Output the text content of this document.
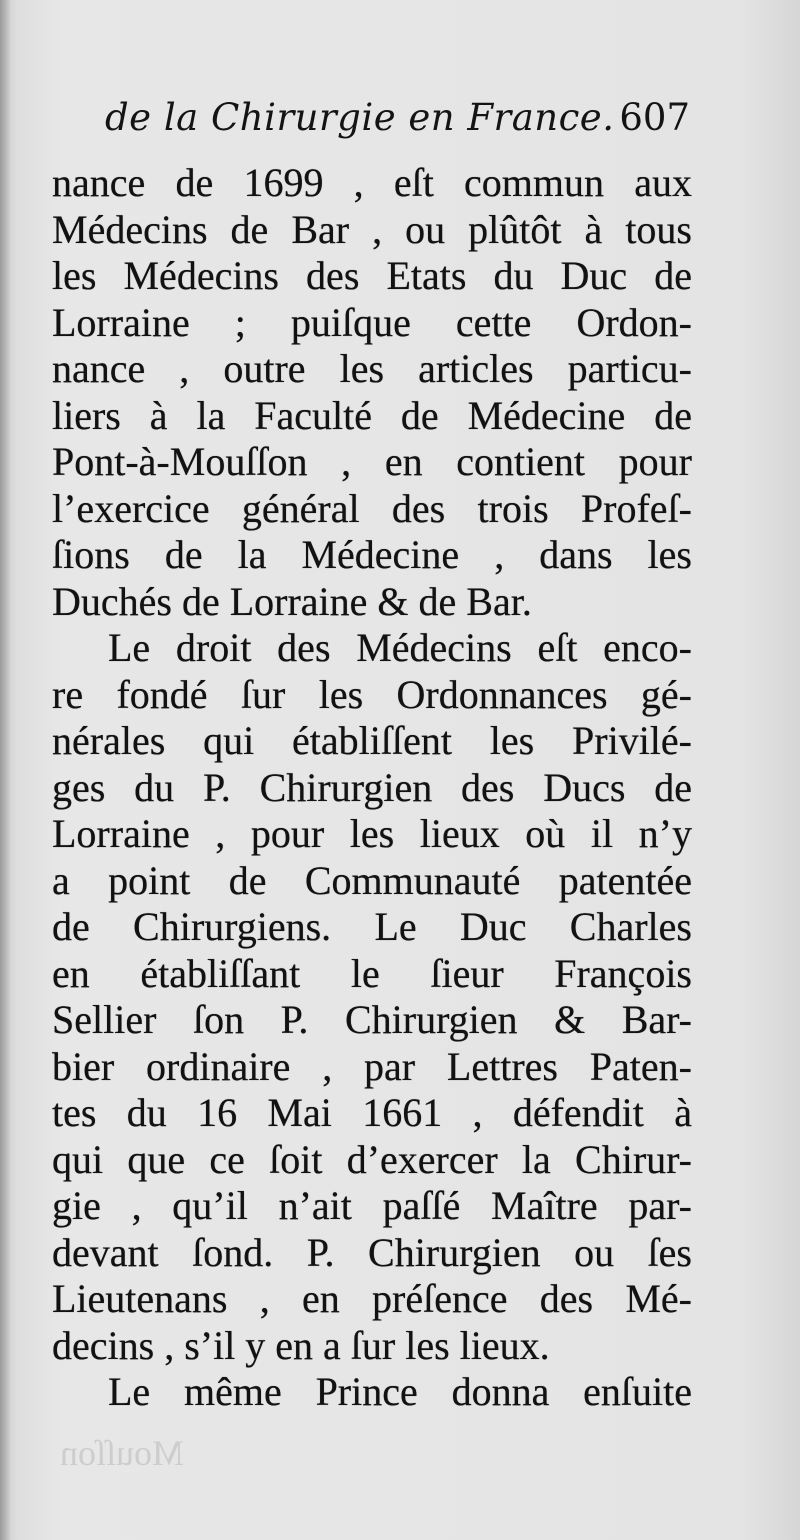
de la Chirurgie en France. 607
nance de 1699 , eſt commun aux
Médecins de Bar , ou plûtôt à tous
les Médecins des Etats du Duc de
Lorraine ; puiſque cette Ordon-
nance , outre les articles particu-
liers à la Faculté de Médecine de
Pont-à-Mouſſon , en contient pour
l’exercice général des trois Profeſ-
ſions de la Médecine , dans les
Duchés de Lorraine & de Bar.
Le droit des Médecins eſt enco-
re fondé ſur les Ordonnances gé-
nérales qui établiſſent les Privilé-
ges du P. Chirurgien des Ducs de
Lorraine , pour les lieux où il n’y
a point de Communauté patentée
de Chirurgiens. Le Duc Charles
en établiſſant le ſieur François
Sellier ſon P. Chirurgien & Bar-
bier ordinaire , par Lettres Paten-
tes du 16 Mai 1661 , défendit à
qui que ce ſoit d’exercer la Chirur-
gie , qu’il n’ait paſſé Maître par-
devant ſond. P. Chirurgien ou ſes
Lieutenans , en préſence des Mé-
decins , s’il y en a ſur les lieux.
Le même Prince donna enſuite
Mouſſon
